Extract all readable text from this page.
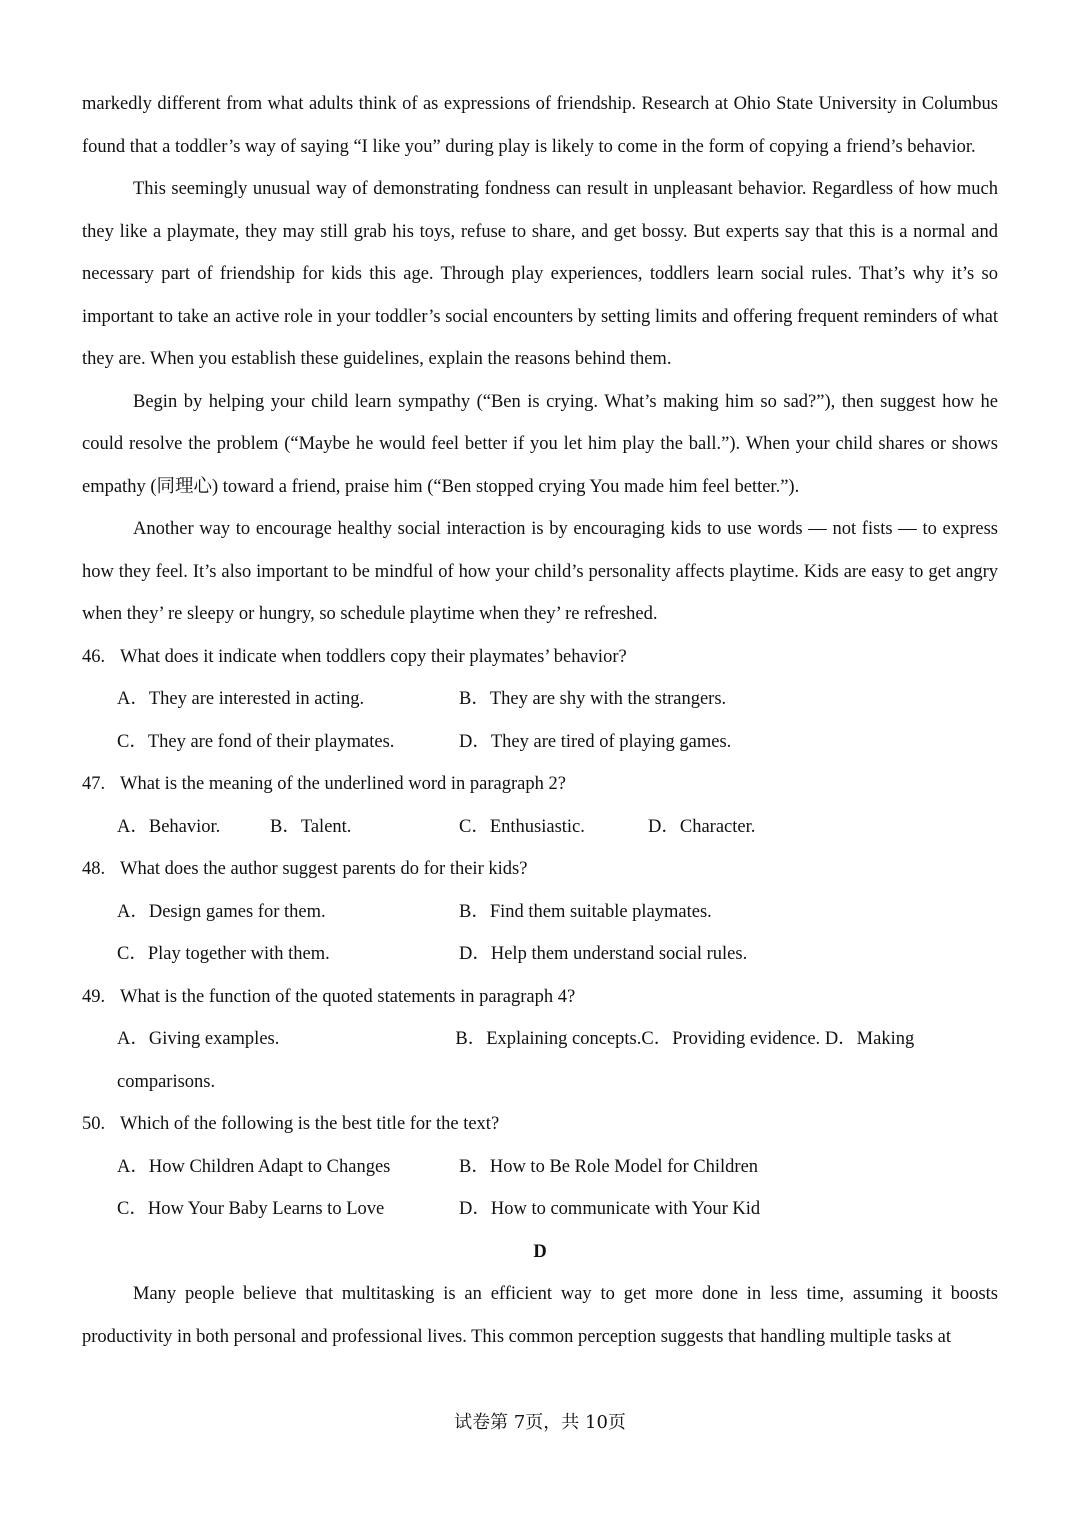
markedly different from what adults think of as expressions of friendship. Research at Ohio State University in Columbus found that a toddler’s way of saying “I like you” during play is likely to come in the form of copying a friend’s behavior.

This seemingly unusual way of demonstrating fondness can result in unpleasant behavior. Regardless of how much they like a playmate, they may still grab his toys, refuse to share, and get bossy. But experts say that this is a normal and necessary part of friendship for kids this age. Through play experiences, toddlers learn social rules. That’s why it’s so important to take an active role in your toddler’s social encounters by setting limits and offering frequent reminders of what they are. When you establish these guidelines, explain the reasons behind them.

Begin by helping your child learn sympathy (“Ben is crying. What’s making him so sad?”), then suggest how he could resolve the problem (“Maybe he would feel better if you let him play the ball.”). When your child shares or shows empathy (同理心) toward a friend, praise him (“Ben stopped crying You made him feel better.”).

Another way to encourage healthy social interaction is by encouraging kids to use words — not fists — to express how they feel. It’s also important to be mindful of how your child’s personality affects playtime. Kids are easy to get angry when they’ re sleepy or hungry, so schedule playtime when they’ re refreshed.

46. What does it indicate when toddlers copy their playmates’ behavior?

A．They are interested in acting.	B．They are shy with the strangers.
C．They are fond of their playmates.	D．They are tired of playing games.

47. What is the meaning of the underlined word in paragraph 2?

A．Behavior.	B．Talent.	C．Enthusiastic.	D．Character.

48. What does the author suggest parents do for their kids?

A．Design games for them.	B．Find them suitable playmates.
C．Play together with them.	D．Help them understand social rules.

49. What is the function of the quoted statements in paragraph 4?

A．Giving examples.	B．Explaining concepts.C．Providing evidence. D．Making comparisons.

50. Which of the following is the best title for the text?

A．How Children Adapt to Changes	B．How to Be Role Model for Children
C．How Your Baby Learns to Love	D．How to communicate with Your Kid

D

Many people believe that multitasking is an efficient way to get more done in less time, assuming it boosts productivity in both personal and professional lives. This common perception suggests that handling multiple tasks at

试卷第 7页，共 10页
